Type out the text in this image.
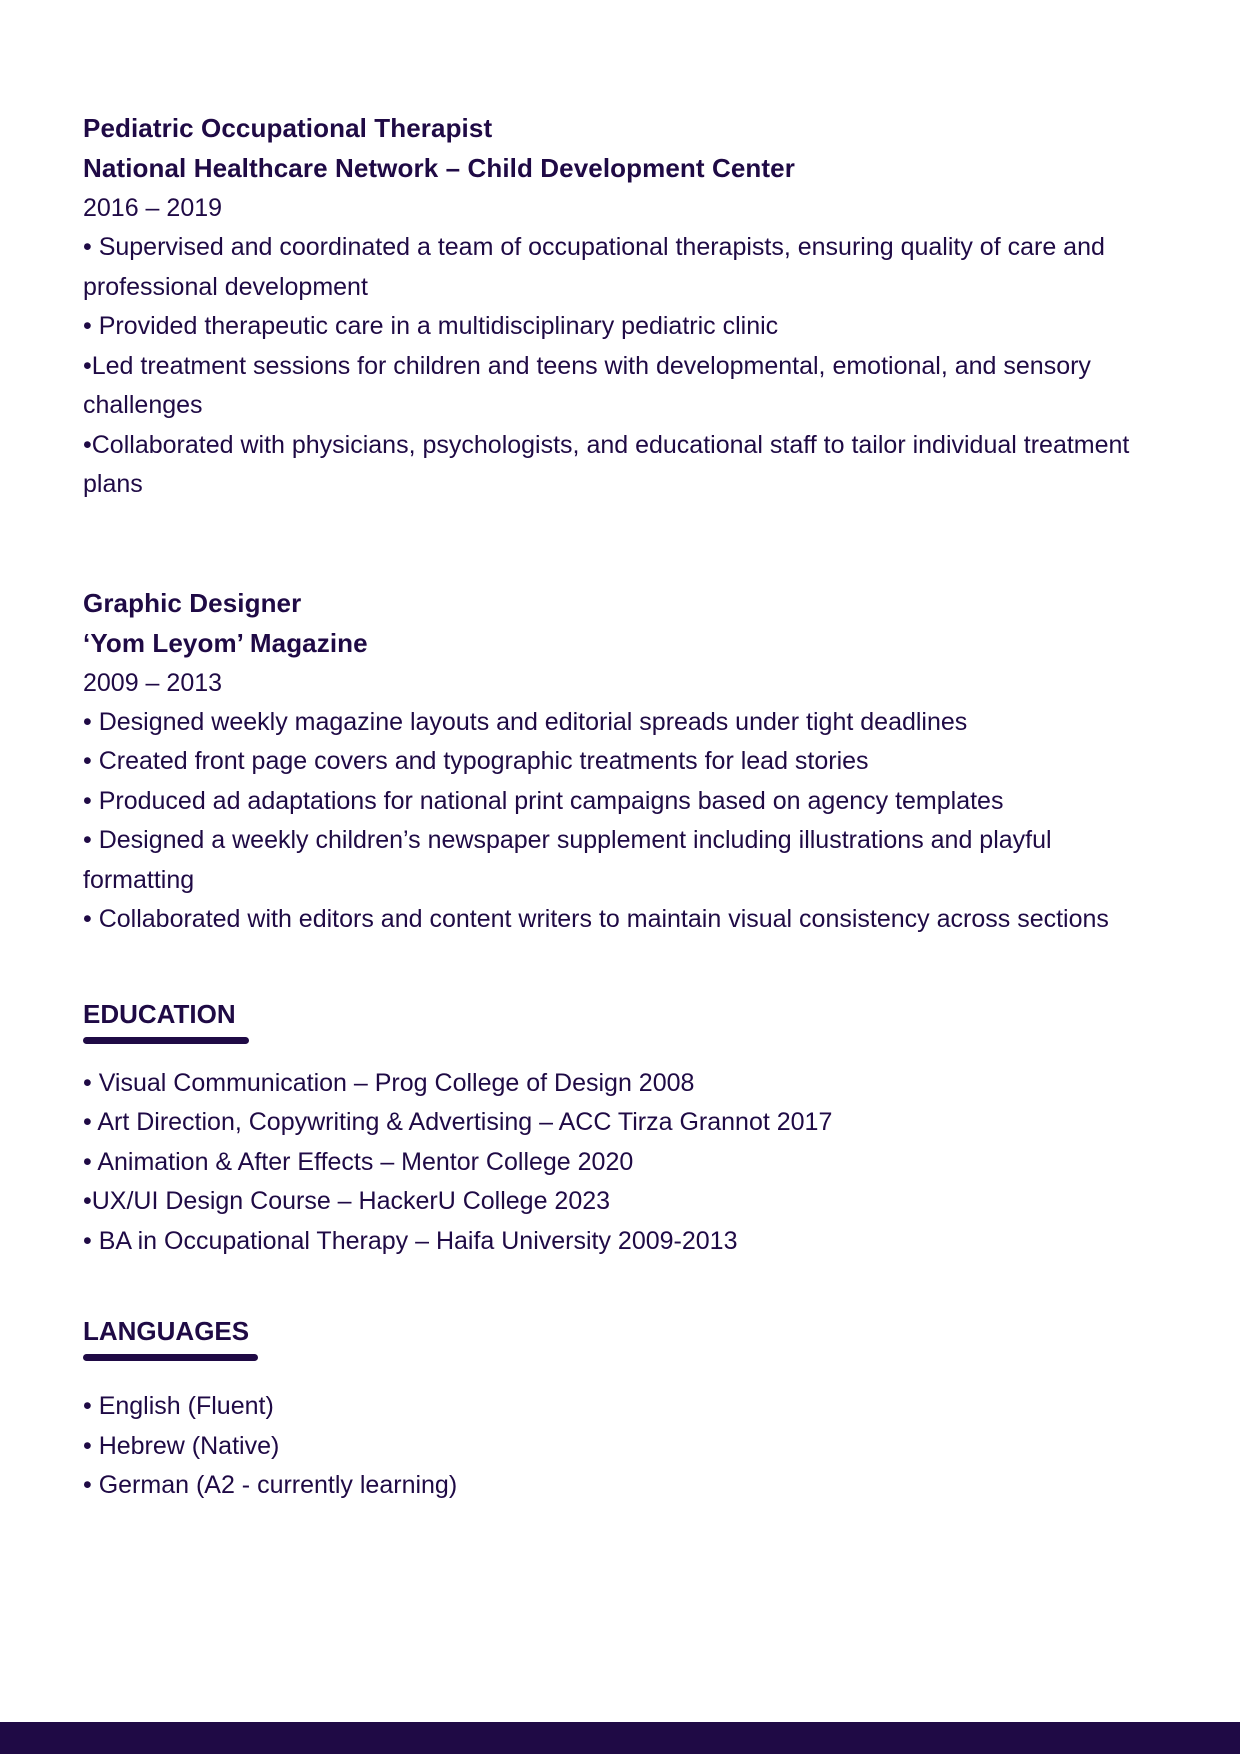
Pediatric Occupational Therapist
National Healthcare Network – Child Development Center
2016 – 2019

• Supervised and coordinated a team of occupational therapists, ensuring quality of care and professional development

• Provided therapeutic care in a multidisciplinary pediatric clinic

•Led treatment sessions for children and teens with developmental, emotional, and sensory challenges

•Collaborated with physicians, psychologists, and educational staff to tailor individual treatment plans

Graphic Designer
‘Yom Leyom’ Magazine
2009 – 2013

• Designed weekly magazine layouts and editorial spreads under tight deadlines

• Created front page covers and typographic treatments for lead stories

• Produced ad adaptations for national print campaigns based on agency templates

• Designed a weekly children’s newspaper supplement including illustrations and playful formatting

• Collaborated with editors and content writers to maintain visual consistency across sections

EDUCATION

• Visual Communication – Prog College of Design 2008

• Art Direction, Copywriting & Advertising – ACC Tirza Grannot 2017

• Animation & After Effects – Mentor College 2020

•UX/UI Design Course – HackerU College 2023

• BA in Occupational Therapy – Haifa University 2009-2013

LANGUAGES

• English (Fluent)

• Hebrew (Native)

• German (A2 - currently learning)
